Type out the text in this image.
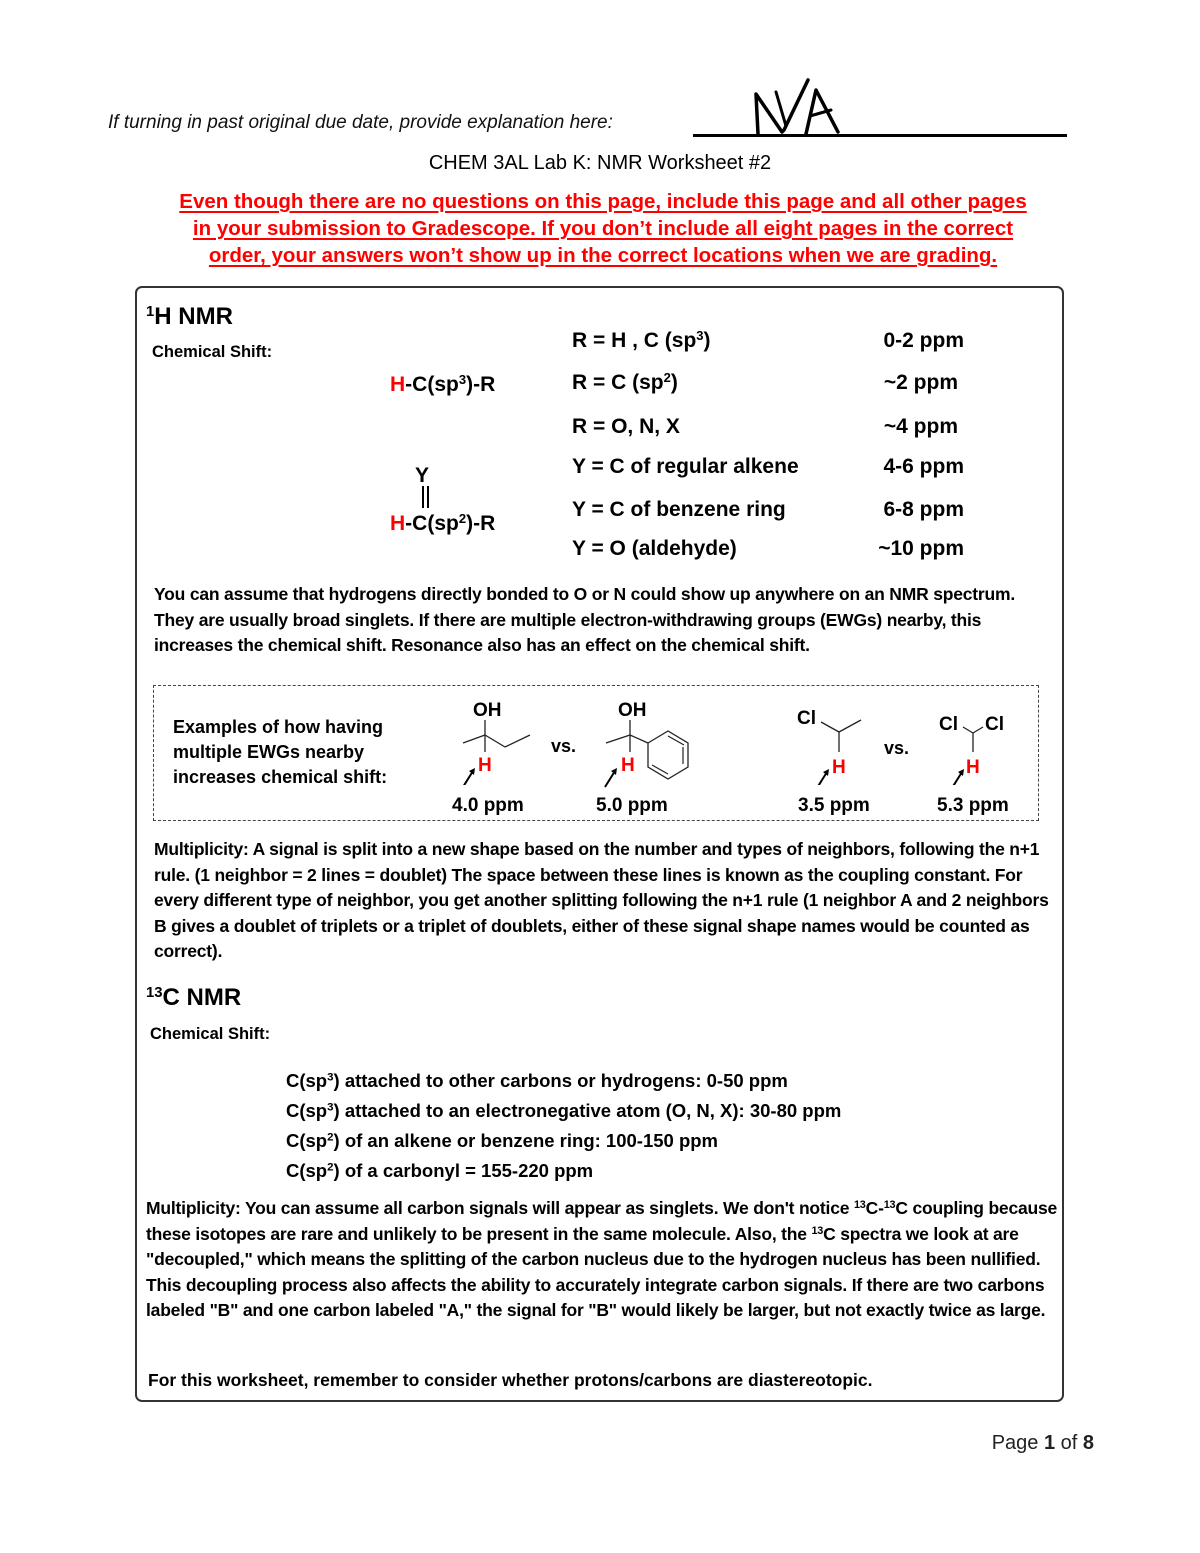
If turning in past original due date, provide explanation here:
CHEM 3AL Lab K: NMR Worksheet #2
Even though there are no questions on this page, include this page and all other pages
in your submission to Gradescope. If you don’t include all eight pages in the correct
order, your answers won’t show up in the correct locations when we are grading.
$^1$H NMR
Chemical Shift:
$H-C(sp^3)-R$
Y
$H-C(sp^2)-R$
R = H , C $(sp^3)$	0-2 ppm
R = C $(sp^2)$	~2 ppm
R = O, N, X	~4 ppm
Y = C of regular alkene	4-6 ppm
Y = C of benzene ring	6-8 ppm
Y = O (aldehyde)	~10 ppm
You can assume that hydrogens directly bonded to O or N could show up anywhere on an NMR spectrum. They are usually broad singlets. If there are multiple electron-withdrawing groups (EWGs) nearby, this increases the chemical shift. Resonance also has an effect on the chemical shift.
Examples of how having multiple EWGs nearby increases chemical shift:
OH
H
4.0 ppm
vs.
OH
H
5.0 ppm
Cl
H
3.5 ppm
vs.
Cl Cl
H
5.3 ppm
Multiplicity: A signal is split into a new shape based on the number and types of neighbors, following the n+1 rule. (1 neighbor = 2 lines = doublet) The space between these lines is known as the coupling constant. For every different type of neighbor, you get another splitting following the n+1 rule (1 neighbor A and 2 neighbors B gives a doublet of triplets or a triplet of doublets, either of these signal shape names would be counted as correct).
$^{13}$C NMR
Chemical Shift:
$C(sp^3)$ attached to other carbons or hydrogens: 0-50 ppm
$C(sp^3)$ attached to an electronegative atom (O, N, X): 30-80 ppm
$C(sp^2)$ of an alkene or benzene ring: 100-150 ppm
$C(sp^2)$ of a carbonyl = 155-220 ppm
Multiplicity: You can assume all carbon signals will appear as singlets. We don't notice $^{13}$C-$^{13}$C coupling because these isotopes are rare and unlikely to be present in the same molecule. Also, the $^{13}$C spectra we look at are "decoupled," which means the splitting of the carbon nucleus due to the hydrogen nucleus has been nullified. This decoupling process also affects the ability to accurately integrate carbon signals. If there are two carbons labeled "B" and one carbon labeled "A," the signal for "B" would likely be larger, but not exactly twice as large.
For this worksheet, remember to consider whether protons/carbons are diastereotopic.
Page 1 of 8
